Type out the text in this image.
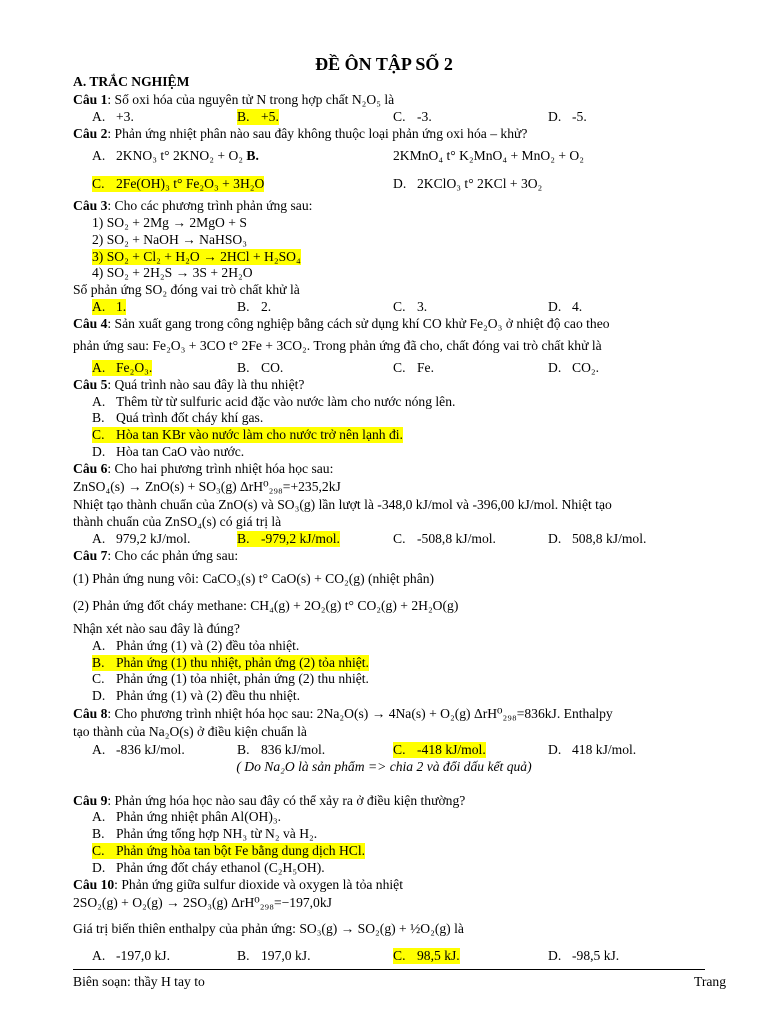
ĐỀ ÔN TẬP SỐ 2
A. TRẮC NGHIỆM
Câu 1: Số oxi hóa của nguyên tử N trong hợp chất N₂O₅ là
A. +3.	B. +5.	C. -3.	D. -5.
Câu 2: Phản ứng nhiệt phân nào sau đây không thuộc loại phản ứng oxi hóa – khử?
A. 2KNO₃ t° 2KNO₂ + O₂ B.	2KMnO₄ t° K₂MnO₄ + MnO₂ + O₂
C. 2Fe(OH)₃ t° Fe₂O₃ + 3H₂O	D. 2KClO₃ t° 2KCl + 3O₂
Câu 3: Cho các phương trình phản ứng sau:
1) SO₂ + 2Mg → 2MgO + S
2) SO₂ + NaOH → NaHSO₃
3) SO₂ + Cl₂ + H₂O → 2HCl + H₂SO₄
4) SO₂ + 2H₂S → 3S + 2H₂O
Số phản ứng SO₂ đóng vai trò chất khử là
A. 1.	B. 2.	C. 3.	D. 4.
Câu 4: Sản xuất gang trong công nghiệp bằng cách sử dụng khí CO khử Fe₂O₃ ở nhiệt độ cao theo
phản ứng sau: Fe₂O₃ + 3CO t° 2Fe + 3CO₂. Trong phản ứng đã cho, chất đóng vai trò chất khử là
A. Fe₂O₃.	B. CO.	C. Fe.	D. CO₂.
Câu 5: Quá trình nào sau đây là thu nhiệt?
A. Thêm từ từ sulfuric acid đặc vào nước làm cho nước nóng lên.
B. Quá trình đốt cháy khí gas.
C. Hòa tan KBr vào nước làm cho nước trở nên lạnh đi.
D. Hòa tan CaO vào nước.
Câu 6: Cho hai phương trình nhiệt hóa học sau:
ZnSO₄(s) → ZnO(s) + SO₃(g) ΔrH⁰₂₉₈=+235,2kJ
Nhiệt tạo thành chuẩn của ZnO(s) và SO₃(g) lần lượt là -348,0 kJ/mol và -396,00 kJ/mol. Nhiệt tạo
thành chuẩn của ZnSO₄(s) có giá trị là
A. 979,2 kJ/mol.	B. -979,2 kJ/mol.	C. -508,8 kJ/mol.	D. 508,8 kJ/mol.
Câu 7: Cho các phản ứng sau:
(1) Phản ứng nung vôi: CaCO₃(s) t° CaO(s) + CO₂(g) (nhiệt phân)
(2) Phản ứng đốt cháy methane: CH₄(g) + 2O₂(g) t° CO₂(g) + 2H₂O(g)
Nhận xét nào sau đây là đúng?
A. Phản ứng (1) và (2) đều tỏa nhiệt.
B. Phản ứng (1) thu nhiệt, phản ứng (2) tỏa nhiệt.
C. Phản ứng (1) tỏa nhiệt, phản ứng (2) thu nhiệt.
D. Phản ứng (1) và (2) đều thu nhiệt.
Câu 8: Cho phương trình nhiệt hóa học sau: 2Na₂O(s) → 4Na(s) + O₂(g) ΔrH⁰₂₉₈=836kJ. Enthalpy
tạo thành của Na₂O(s) ở điều kiện chuẩn là
A. -836 kJ/mol.	B. 836 kJ/mol.	C. -418 kJ/mol.	D. 418 kJ/mol.
( Do Na₂O là sản phẩm => chia 2 và đổi dấu kết quả)
Câu 9: Phản ứng hóa học nào sau đây có thể xảy ra ở điều kiện thường?
A. Phản ứng nhiệt phân Al(OH)₃.
B. Phản ứng tổng hợp NH₃ từ N₂ và H₂.
C. Phản ứng hòa tan bột Fe bằng dung dịch HCl.
D. Phản ứng đốt cháy ethanol (C₂H₅OH).
Câu 10: Phản ứng giữa sulfur dioxide và oxygen là tỏa nhiệt
2SO₂(g) + O₂(g) → 2SO₃(g) ΔrH⁰₂₉₈=−197,0kJ
Giá trị biến thiên enthalpy của phản ứng: SO₃(g) → SO₂(g) + ½O₂(g) là
A. -197,0 kJ.	B. 197,0 kJ.	C. 98,5 kJ.	D. -98,5 kJ.
Biên soạn: thầy H tay to	Trang
